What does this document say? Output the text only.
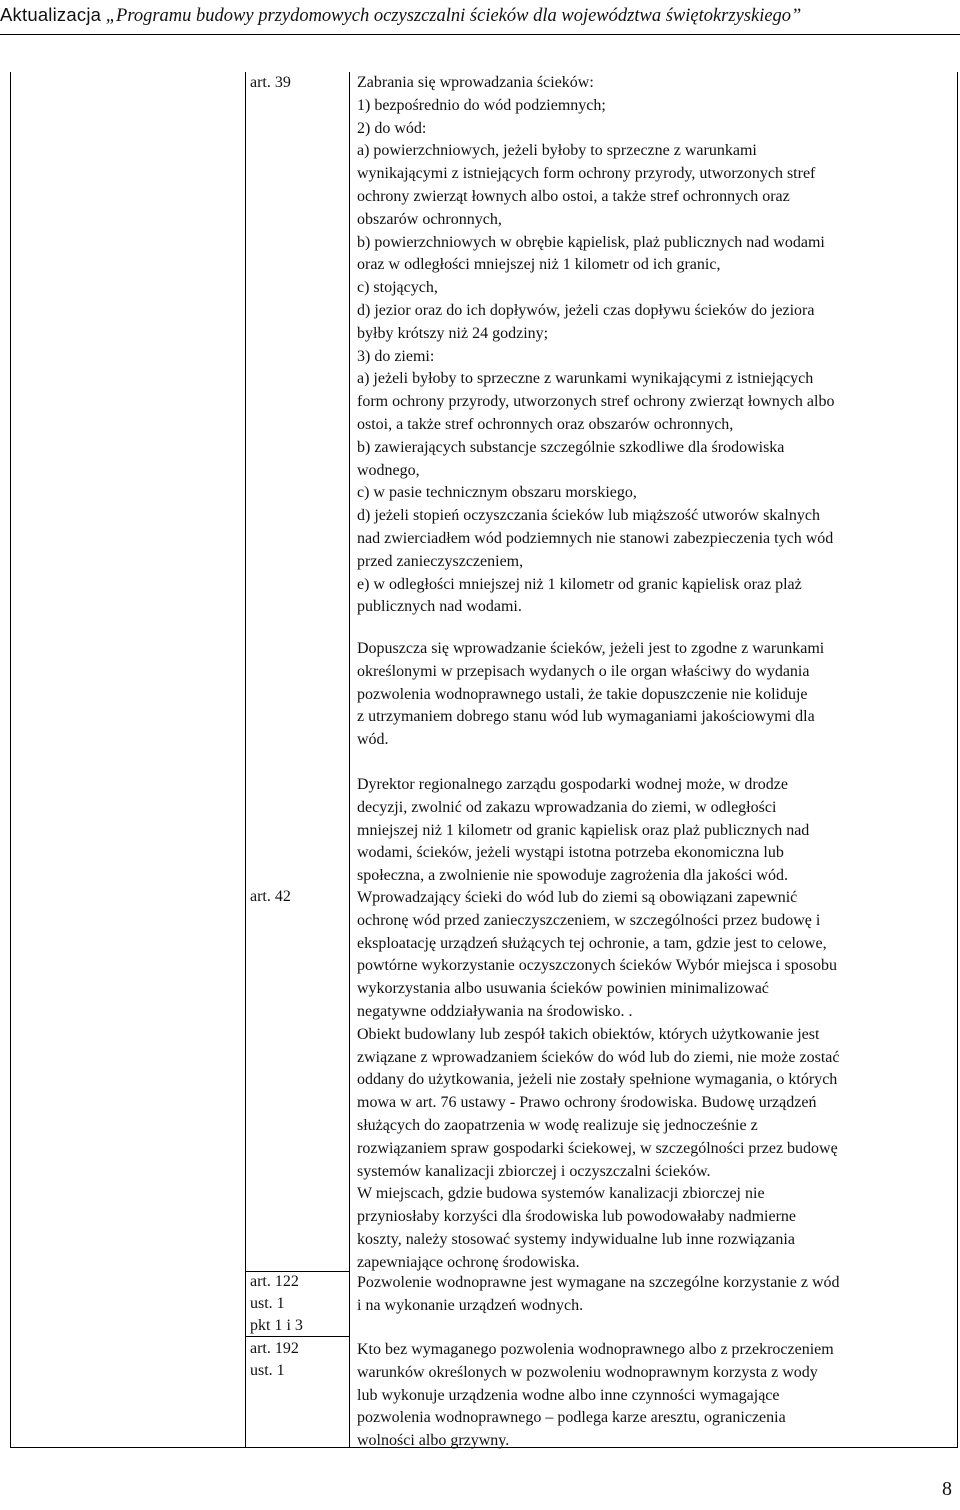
Aktualizacja „Programu budowy przydomowych oczyszczalni ścieków dla województwa świętokrzyskiego”
art. 39
art. 42
art. 122
ust. 1
pkt 1 i 3
art. 192
ust. 1
Zabrania się wprowadzania ścieków:
1) bezpośrednio do wód podziemnych;
2) do wód:
a) powierzchniowych, jeżeli byłoby to sprzeczne z warunkami
wynikającymi z istniejących form ochrony przyrody, utworzonych stref
ochrony zwierząt łownych albo ostoi, a także stref ochronnych oraz
obszarów ochronnych,
b) powierzchniowych w obrębie kąpielisk, plaż publicznych nad wodami
oraz w odległości mniejszej niż 1 kilometr od ich granic,
c) stojących,
d) jezior oraz do ich dopływów, jeżeli czas dopływu ścieków do jeziora
byłby krótszy niż 24 godziny;
3) do ziemi:
a) jeżeli byłoby to sprzeczne z warunkami wynikającymi z istniejących
form ochrony przyrody, utworzonych stref ochrony zwierząt łownych albo
ostoi, a także stref ochronnych oraz obszarów ochronnych,
b) zawierających substancje szczególnie szkodliwe dla środowiska
wodnego,
c) w pasie technicznym obszaru morskiego,
d) jeżeli stopień oczyszczania ścieków lub miąższość utworów skalnych
nad zwierciadłem wód podziemnych nie stanowi zabezpieczenia tych wód
przed zanieczyszczeniem,
e) w odległości mniejszej niż 1 kilometr od granic kąpielisk oraz plaż
publicznych nad wodami.
Dopuszcza się wprowadzanie ścieków, jeżeli jest to zgodne z warunkami
określonymi w przepisach wydanych o ile organ właściwy do wydania
pozwolenia wodnoprawnego ustali, że takie dopuszczenie nie koliduje
z utrzymaniem dobrego stanu wód lub wymaganiami jakościowymi dla
wód.
Dyrektor regionalnego zarządu gospodarki wodnej może, w drodze
decyzji, zwolnić od zakazu wprowadzania do ziemi, w odległości
mniejszej niż 1 kilometr od granic kąpielisk oraz plaż publicznych nad
wodami, ścieków, jeżeli wystąpi istotna potrzeba ekonomiczna lub
społeczna, a zwolnienie nie spowoduje zagrożenia dla jakości wód.
Wprowadzający ścieki do wód lub do ziemi są obowiązani zapewnić
ochronę wód przed zanieczyszczeniem, w szczególności przez budowę i
eksploatację urządzeń służących tej ochronie, a tam, gdzie jest to celowe,
powtórne wykorzystanie oczyszczonych ścieków Wybór miejsca i sposobu
wykorzystania albo usuwania ścieków powinien minimalizować
negatywne oddziaływania na środowisko. .
Obiekt budowlany lub zespół takich obiektów, których użytkowanie jest
związane z wprowadzaniem ścieków do wód lub do ziemi, nie może zostać
oddany do użytkowania, jeżeli nie zostały spełnione wymagania, o których
mowa w art. 76 ustawy - Prawo ochrony środowiska. Budowę urządzeń
służących do zaopatrzenia w wodę realizuje się jednocześnie z
rozwiązaniem spraw gospodarki ściekowej, w szczególności przez budowę
systemów kanalizacji zbiorczej i oczyszczalni ścieków.
W miejscach, gdzie budowa systemów kanalizacji zbiorczej nie
przyniosłaby korzyści dla środowiska lub powodowałaby nadmierne
koszty, należy stosować systemy indywidualne lub inne rozwiązania
zapewniające ochronę środowiska.
Pozwolenie wodnoprawne jest wymagane na szczególne korzystanie z wód
i na wykonanie urządzeń wodnych.
Kto bez wymaganego pozwolenia wodnoprawnego albo z przekroczeniem
warunków określonych w pozwoleniu wodnoprawnym korzysta z wody
lub wykonuje urządzenia wodne albo inne czynności wymagające
pozwolenia wodnoprawnego – podlega karze aresztu, ograniczenia
wolności albo grzywny.
8
